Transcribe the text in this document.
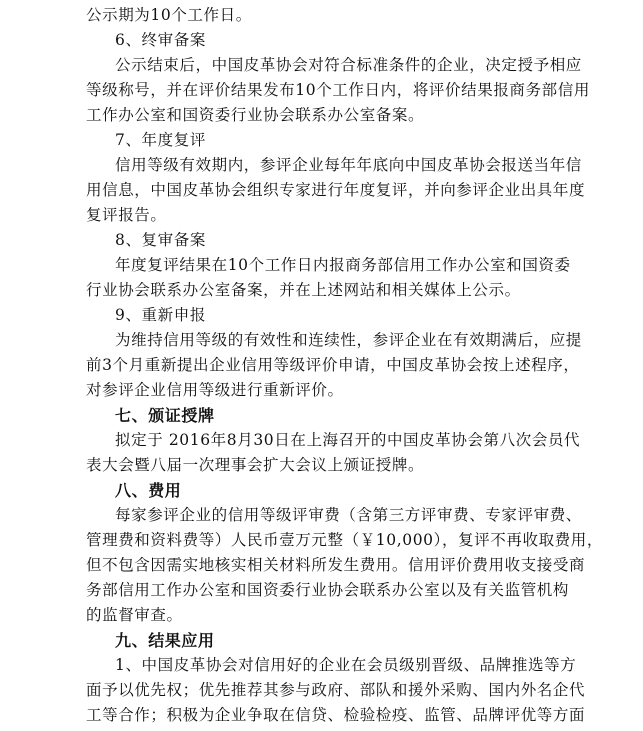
公示期为10个工作日。
6、终审备案
公示结束后，中国皮革协会对符合标准条件的企业，决定授予相应
等级称号，并在评价结果发布10个工作日内，将评价结果报商务部信用
工作办公室和国资委行业协会联系办公室备案。
7、年度复评
信用等级有效期内，参评企业每年年底向中国皮革协会报送当年信
用信息，中国皮革协会组织专家进行年度复评，并向参评企业出具年度
复评报告。
8、复审备案
年度复评结果在10个工作日内报商务部信用工作办公室和国资委
行业协会联系办公室备案，并在上述网站和相关媒体上公示。
9、重新申报
为维持信用等级的有效性和连续性，参评企业在有效期满后，应提
前3个月重新提出企业信用等级评价申请，中国皮革协会按上述程序，
对参评企业信用等级进行重新评价。
七、颁证授牌
拟定于 2016年8月30日在上海召开的中国皮革协会第八次会员代
表大会暨八届一次理事会扩大会议上颁证授牌。
八、费用
每家参评企业的信用等级评审费（含第三方评审费、专家评审费、
管理费和资料费等）人民币壹万元整（￥10,000），复评不再收取费用，
但不包含因需实地核实相关材料所发生费用。信用评价费用收支接受商
务部信用工作办公室和国资委行业协会联系办公室以及有关监管机构
的监督审查。
九、结果应用
1、中国皮革协会对信用好的企业在会员级别晋级、品牌推选等方
面予以优先权；优先推荐其参与政府、部队和援外采购、国内外名企代
工等合作；积极为企业争取在信贷、检验检疫、监管、品牌评优等方面
